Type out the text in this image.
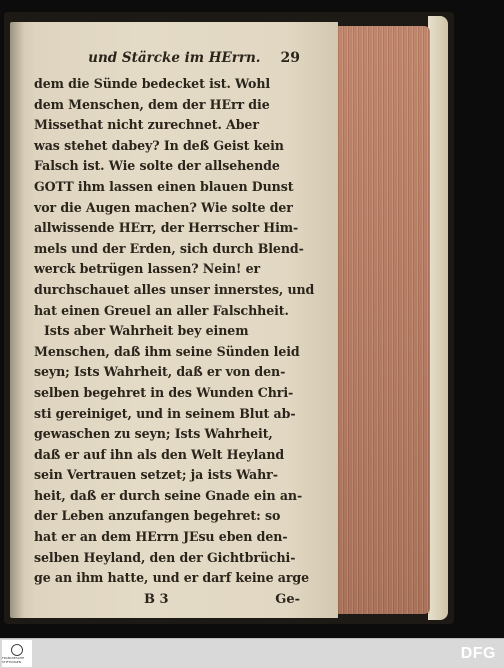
und Stärcke im HErrn. 29
dem die Sünde bedecket ist. Wohl
dem Menschen, dem der HErr die
Missethat nicht zurechnet. Aber
was stehet dabey? In deß Geist kein
Falsch ist. Wie solte der allsehende
GOTT ihm lassen einen blauen Dunst
vor die Augen machen? Wie solte der
allwissende HErr, der Herrscher Him-
mels und der Erden, sich durch Blend-
werck betrügen lassen? Nein! er
durchschauet alles unser innerstes, und
hat einen Greuel an aller Falschheit.
Ists aber Wahrheit bey einem
Menschen, daß ihm seine Sünden leid
seyn; Ists Wahrheit, daß er von den-
selben begehret in des Wunden Chri-
sti gereiniget, und in seinem Blut ab-
gewaschen zu seyn; Ists Wahrheit,
daß er auf ihn als den Welt Heyland
sein Vertrauen setzet; ja ists Wahr-
heit, daß er durch seine Gnade ein an-
der Leben anzufangen begehret: so
hat er an dem HErrn JEsu eben den-
selben Heyland, den der Gichtbrüchi-
ge an ihm hatte, und er darf keine arge
B 3	Ge-
FRANCKESCHE STIFTUNGEN	DFG
